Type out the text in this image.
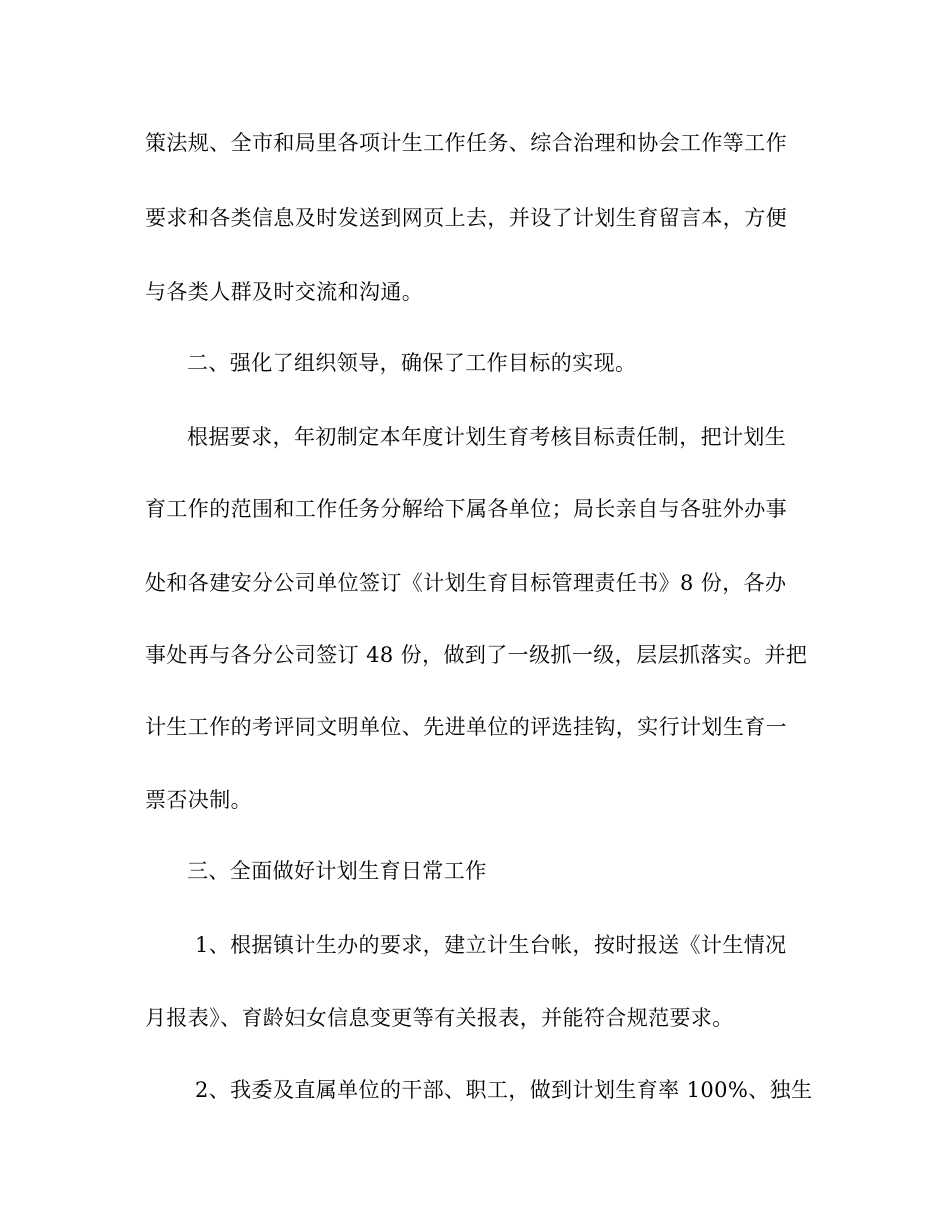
策法规、全市和局里各项计生工作任务、综合治理和协会工作等工作
要求和各类信息及时发送到网页上去，并设了计划生育留言本，方便
与各类人群及时交流和沟通。
二、强化了组织领导，确保了工作目标的实现。
根据要求，年初制定本年度计划生育考核目标责任制，把计划生
育工作的范围和工作任务分解给下属各单位；局长亲自与各驻外办事
处和各建安分公司单位签订《计划生育目标管理责任书》8 份，各办
事处再与各分公司签订 48 份，做到了一级抓一级，层层抓落实。并把
计生工作的考评同文明单位、先进单位的评选挂钩，实行计划生育一
票否决制。
三、全面做好计划生育日常工作
1、根据镇计生办的要求，建立计生台帐，按时报送《计生情况
月报表》、育龄妇女信息变更等有关报表，并能符合规范要求。
2、我委及直属单位的干部、职工，做到计划生育率 100%、独生
